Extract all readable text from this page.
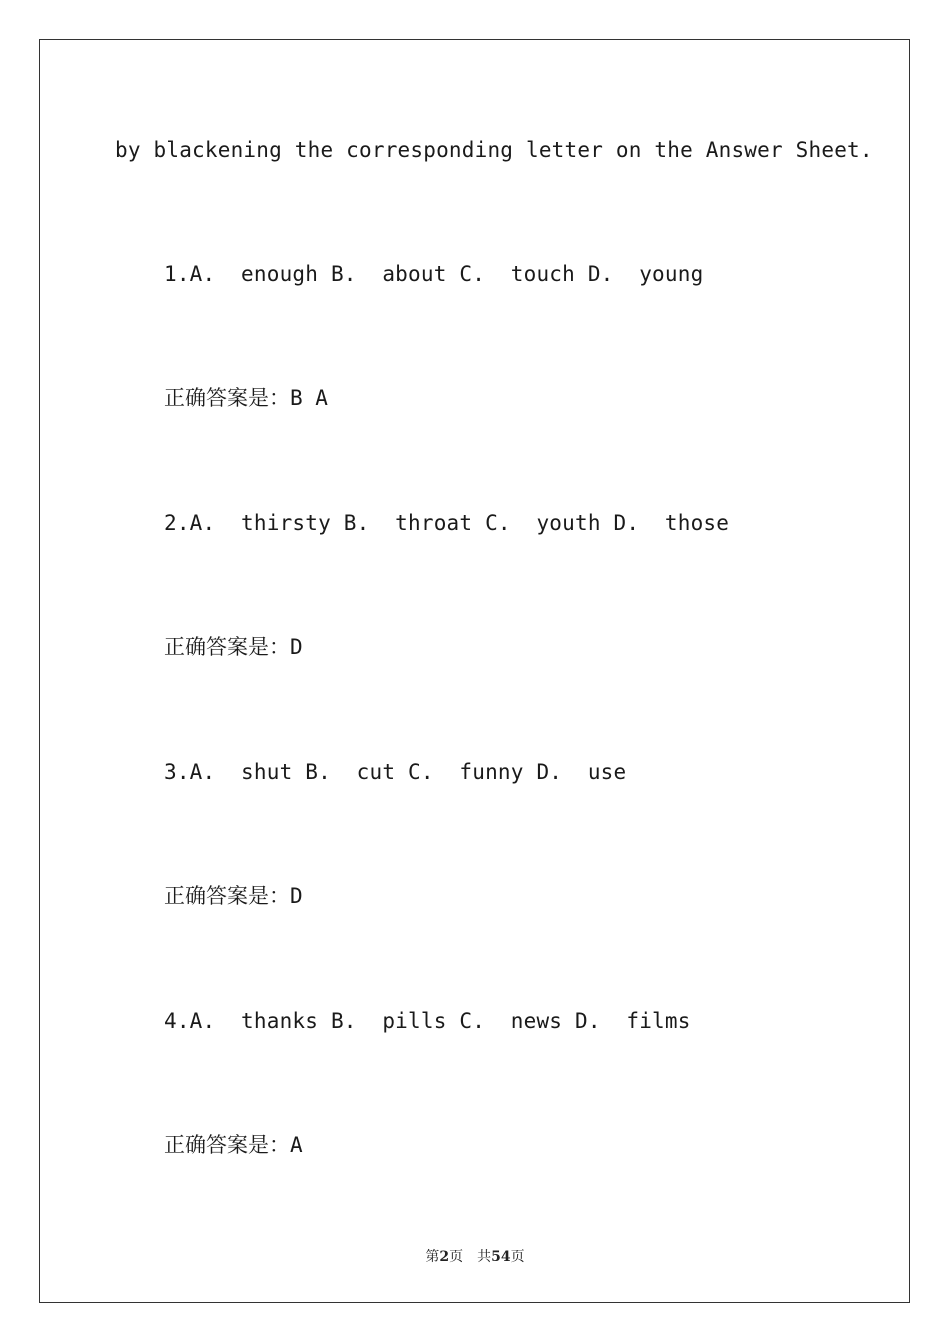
by blackening the corresponding letter on the Answer Sheet.
1.A.  enough B.  about C.  touch D.  young
正确答案是：B A
2.A.  thirsty B.  throat C.  youth D.  those
正确答案是：D
3.A.  shut B.  cut C.  funny D.  use
正确答案是：D
4.A.  thanks B.  pills C.  news D.  films
正确答案是：A
第2页 共54页
